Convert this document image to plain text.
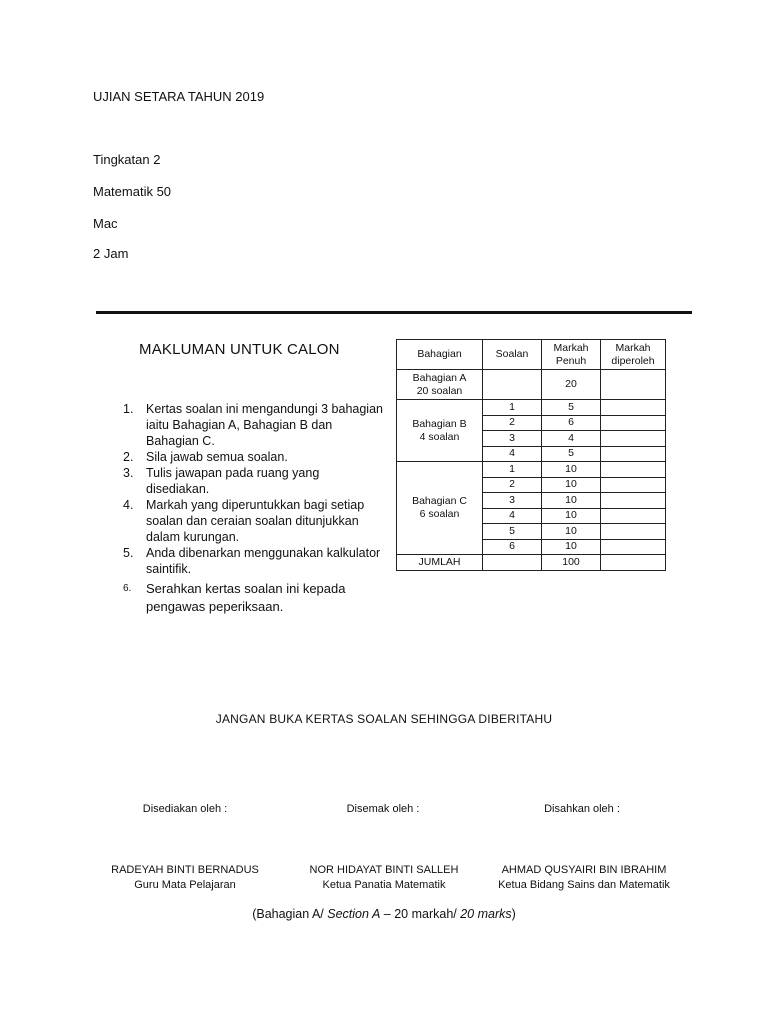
UJIAN SETARA TAHUN 2019
Tingkatan 2
Matematik 50
Mac
2 Jam
MAKLUMAN UNTUK CALON
1. Kertas soalan ini mengandungi 3 bahagian iaitu Bahagian A, Bahagian B dan Bahagian C.
2. Sila jawab semua soalan.
3. Tulis jawapan pada ruang yang disediakan.
4. Markah yang diperuntukkan bagi setiap soalan dan ceraian soalan ditunjukkan dalam kurungan.
5. Anda dibenarkan menggunakan kalkulator saintifik.
6. Serahkan kertas soalan ini kepada pengawas peperiksaan.
Bahagian	Soalan	Markah Penuh	Markah diperoleh
Bahagian A
20 soalan		20	
Bahagian B
4 soalan	1	5	
	2	6	
	3	4	
	4	5	
Bahagian C
6 soalan	1	10	
	2	10	
	3	10	
	4	10	
	5	10	
	6	10	
JUMLAH		100	
JANGAN BUKA KERTAS SOALAN SEHINGGA DIBERITAHU
Disediakan oleh :	Disemak oleh :	Disahkan oleh :
RADEYAH BINTI BERNADUS
Guru Mata Pelajaran
NOR HIDAYAT BINTI SALLEH
Ketua Panatia Matematik
AHMAD QUSYAIRI BIN IBRAHIM
Ketua Bidang Sains dan Matematik
(Bahagian A/ Section A – 20 markah/ 20 marks)
